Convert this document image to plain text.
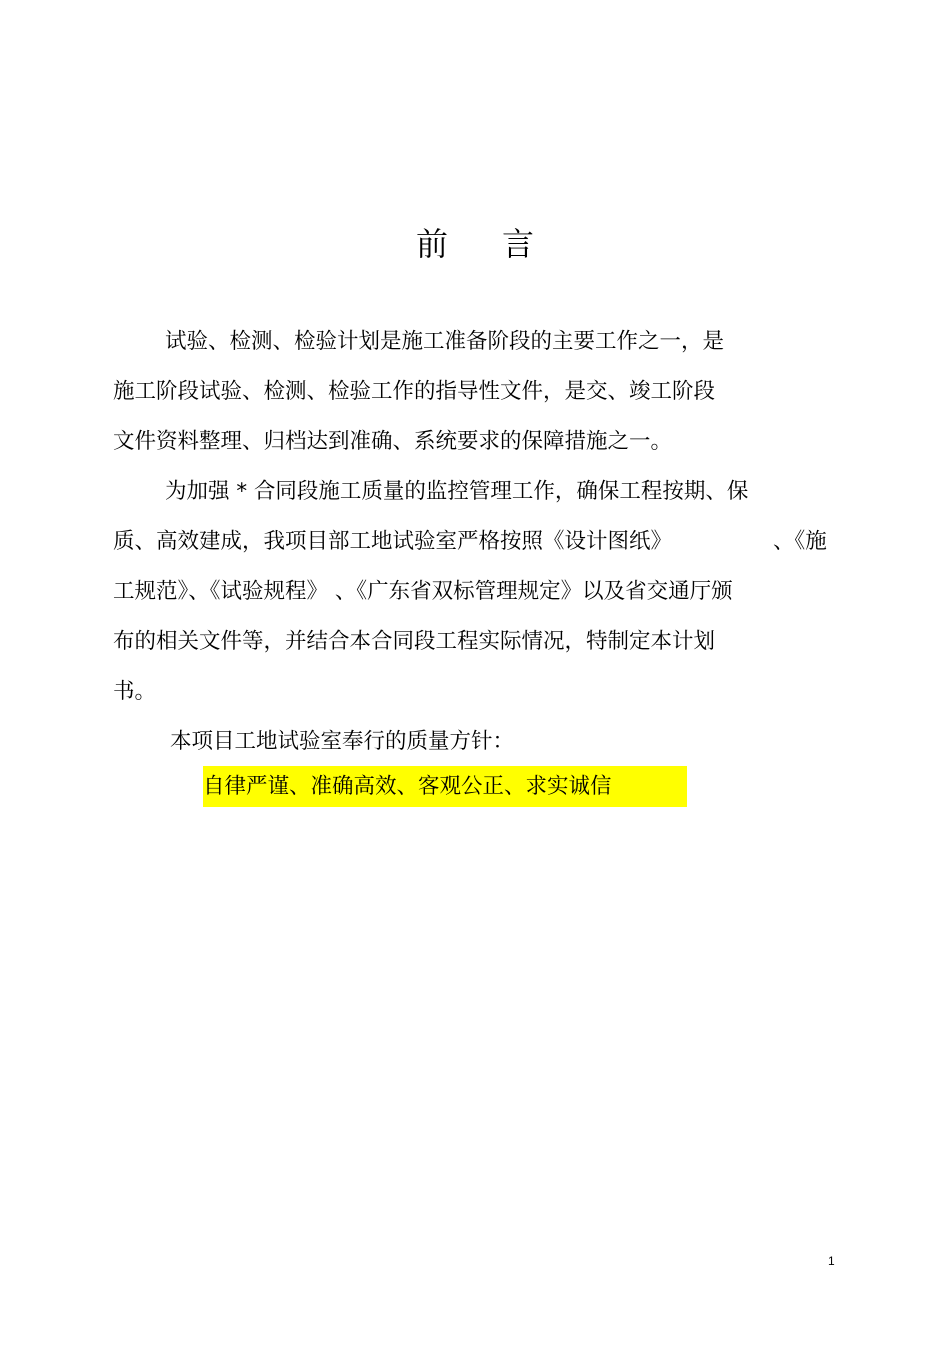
前 言
试验、检测、检验计划是施工准备阶段的主要工作之一，是
施工阶段试验、检测、检验工作的指导性文件，是交、竣工阶段
文件资料整理、归档达到准确、系统要求的保障措施之一。
为加强 * 合同段施工质量的监控管理工作，确保工程按期、保
质、高效建成，我项目部工地试验室严格按照《设计图纸》	、《施
工规范》、《试验规程》 、《广东省双标管理规定》以及省交通厅颁
布的相关文件等，并结合本合同段工程实际情况，特制定本计划
书。
本项目工地试验室奉行的质量方针：
自律严谨、准确高效、客观公正、求实诚信
1
